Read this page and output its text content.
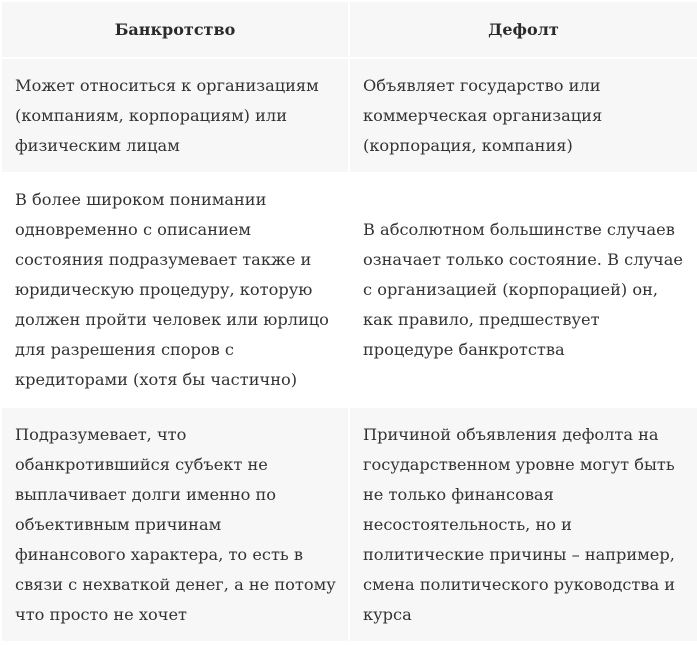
Банкротство	Дефолт
Может относиться к организациям (компаниям, корпорациям) или физическим лицам	Объявляет государство или коммерческая организация (корпорация, компания)
В более широком понимании одновременно с описанием состояния подразумевает также и юридическую процедуру, которую должен пройти человек или юрлицо для разрешения споров с кредиторами (хотя бы частично)	В абсолютном большинстве случаев означает только состояние. В случае с организацией (корпорацией) он, как правило, предшествует процедуре банкротства
Подразумевает, что обанкротившийся субъект не выплачивает долги именно по объективным причинам финансового характера, то есть в связи с нехваткой денег, а не потому что просто не хочет	Причиной объявления дефолта на государственном уровне могут быть не только финансовая несостоятельность, но и политические причины – например, смена политического руководства и курса
